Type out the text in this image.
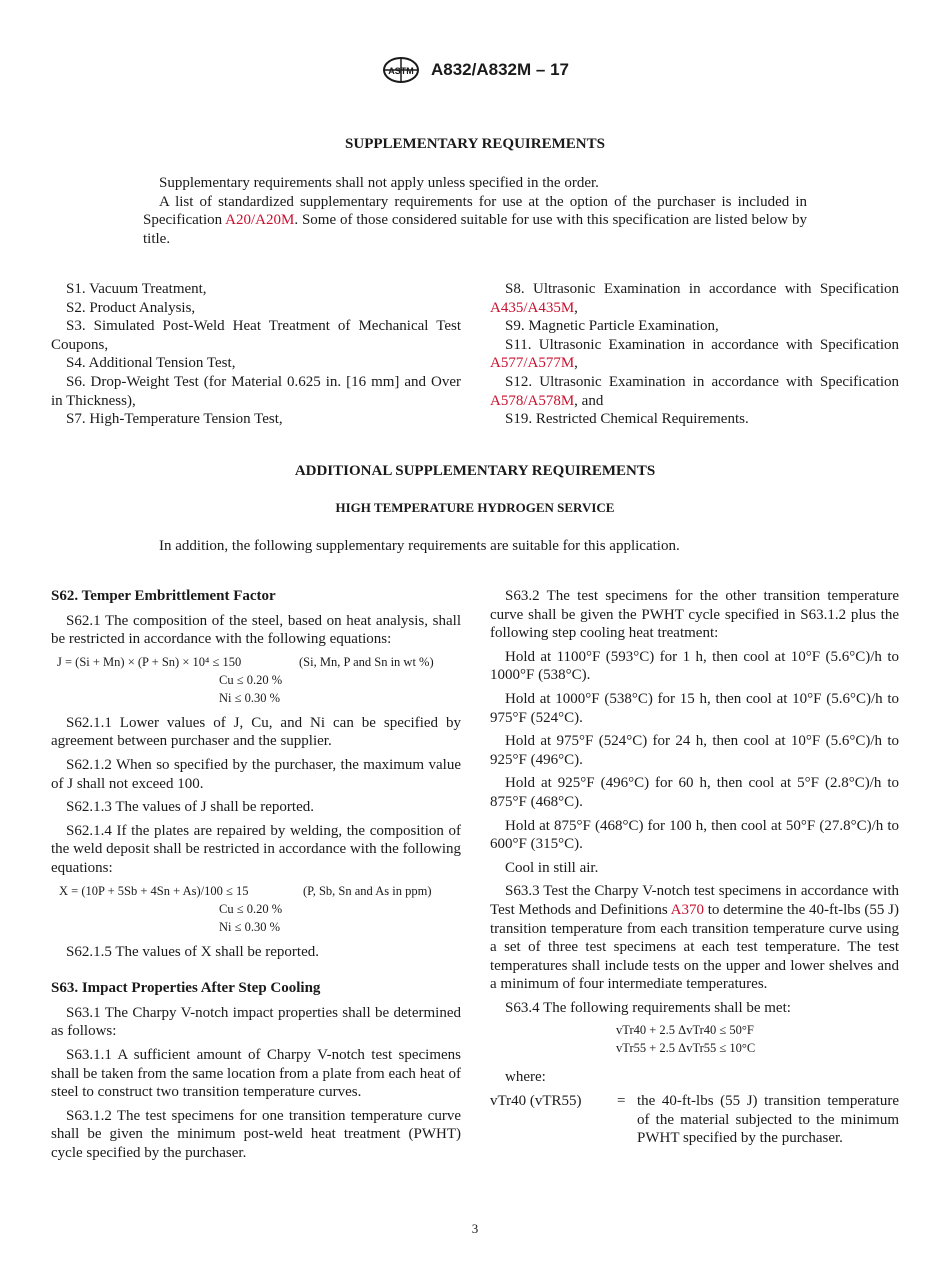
ASTM A832/A832M – 17
SUPPLEMENTARY REQUIREMENTS

Supplementary requirements shall not apply unless specified in the order.

A list of standardized supplementary requirements for use at the option of the purchaser is included in Specification A20/A20M. Some of those considered suitable for use with this specification are listed below by title.

S1. Vacuum Treatment,

S2. Product Analysis,

S3. Simulated Post-Weld Heat Treatment of Mechanical Test Coupons,

S4. Additional Tension Test,

S6. Drop-Weight Test (for Material 0.625 in. [16 mm] and Over in Thickness),

S7. High-Temperature Tension Test,

S8. Ultrasonic Examination in accordance with Specification A435/A435M,

S9. Magnetic Particle Examination,

S11. Ultrasonic Examination in accordance with Specification A577/A577M,

S12. Ultrasonic Examination in accordance with Specification A578/A578M, and

S19. Restricted Chemical Requirements.

ADDITIONAL SUPPLEMENTARY REQUIREMENTS
HIGH TEMPERATURE HYDROGEN SERVICE

In addition, the following supplementary requirements are suitable for this application.

S62. Temper Embrittlement Factor

S62.1 The composition of the steel, based on heat analysis, shall be restricted in accordance with the following equations:

J = (Si + Mn) × (P + Sn) × 10⁴ ≤ 150	(Si, Mn, P and Sn in wt %)
Cu ≤ 0.20 %
Ni ≤ 0.30 %

S62.1.1 Lower values of J, Cu, and Ni can be specified by agreement between purchaser and the supplier.

S62.1.2 When so specified by the purchaser, the maximum value of J shall not exceed 100.

S62.1.3 The values of J shall be reported.

S62.1.4 If the plates are repaired by welding, the composition of the weld deposit shall be restricted in accordance with the following equations:

X = (10P + 5Sb + 4Sn + As)/100 ≤ 15	(P, Sb, Sn and As in ppm)
Cu ≤ 0.20 %
Ni ≤ 0.30 %

S62.1.5 The values of X shall be reported.

S63. Impact Properties After Step Cooling

S63.1 The Charpy V-notch impact properties shall be determined as follows:

S63.1.1 A sufficient amount of Charpy V-notch test specimens shall be taken from the same location from a plate from each heat of steel to construct two transition temperature curves.

S63.1.2 The test specimens for one transition temperature curve shall be given the minimum post-weld heat treatment (PWHT) cycle specified by the purchaser.

S63.2 The test specimens for the other transition temperature curve shall be given the PWHT cycle specified in S63.1.2 plus the following step cooling heat treatment:

Hold at 1100°F (593°C) for 1 h, then cool at 10°F (5.6°C)/h to 1000°F (538°C).

Hold at 1000°F (538°C) for 15 h, then cool at 10°F (5.6°C)/h to 975°F (524°C).

Hold at 975°F (524°C) for 24 h, then cool at 10°F (5.6°C)/h to 925°F (496°C).

Hold at 925°F (496°C) for 60 h, then cool at 5°F (2.8°C)/h to 875°F (468°C).

Hold at 875°F (468°C) for 100 h, then cool at 50°F (27.8°C)/h to 600°F (315°C).

Cool in still air.

S63.3 Test the Charpy V-notch test specimens in accordance with Test Methods and Definitions A370 to determine the 40-ft-lbs (55 J) transition temperature from each transition temperature curve using a set of three test specimens at each test temperature. The test temperatures shall include tests on the upper and lower shelves and a minimum of four intermediate temperatures.

S63.4 The following requirements shall be met:

vTr40 + 2.5 ΔvTr40 ≤ 50°F
vTr55 + 2.5 ΔvTr55 ≤ 10°C

where:

vTr40 (vTR55) = the 40-ft-lbs (55 J) transition temperature of the material subjected to the minimum PWHT specified by the purchaser.
3
